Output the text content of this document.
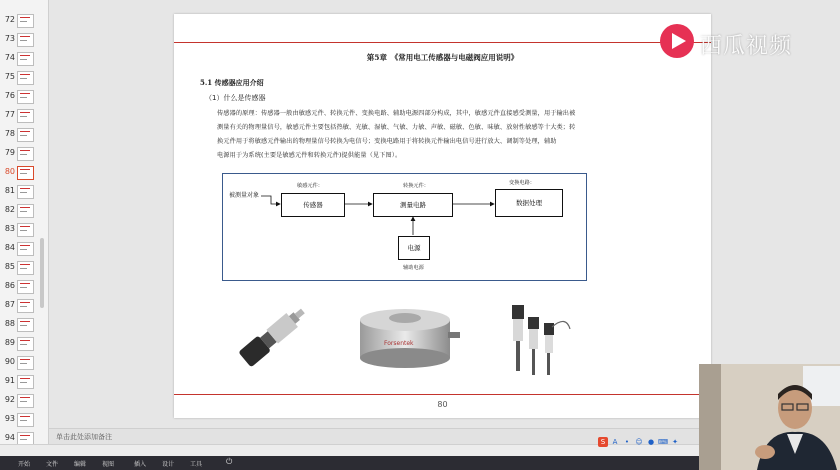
72
73
74
75
76
77
78
79
80
81
82
83
84
85
86
87
88
89
90
91
92
93
94
第5章　《常用电工传感器与电磁阀应用说明》
5.1 传感器应用介绍
（1）什么是传感器
传感器的原理：传感器一般由敏感元件、转换元件、变换电路、辅助电源四部分构成，其中，敏感元件直接感受测量，用于输出被
测量有关的物理量信号，敏感元件主要包括热敏、光敏、湿敏、气敏、力敏、声敏、磁敏、色敏、味敏、放射性敏感等十大类；转
换元件用于将敏感元件输出的物理量信号转换为电信号；变换电路用于将转换元件输出电信号进行放大、调制等处理，辅助
电源用于为系统(主要是敏感元件和转换元件)提供能量（见下图）。
被测量对象
敏感元件：	转换元件：	变换电路：
传感器	测量电路	数据处理
电源
辅助电源
Forsentek
80
西瓜视频
单击此处添加备注
S	A	• ☺ ● ⌨ ✦
开始	文件	编辑	视图	插入	设计	工具	⏻
